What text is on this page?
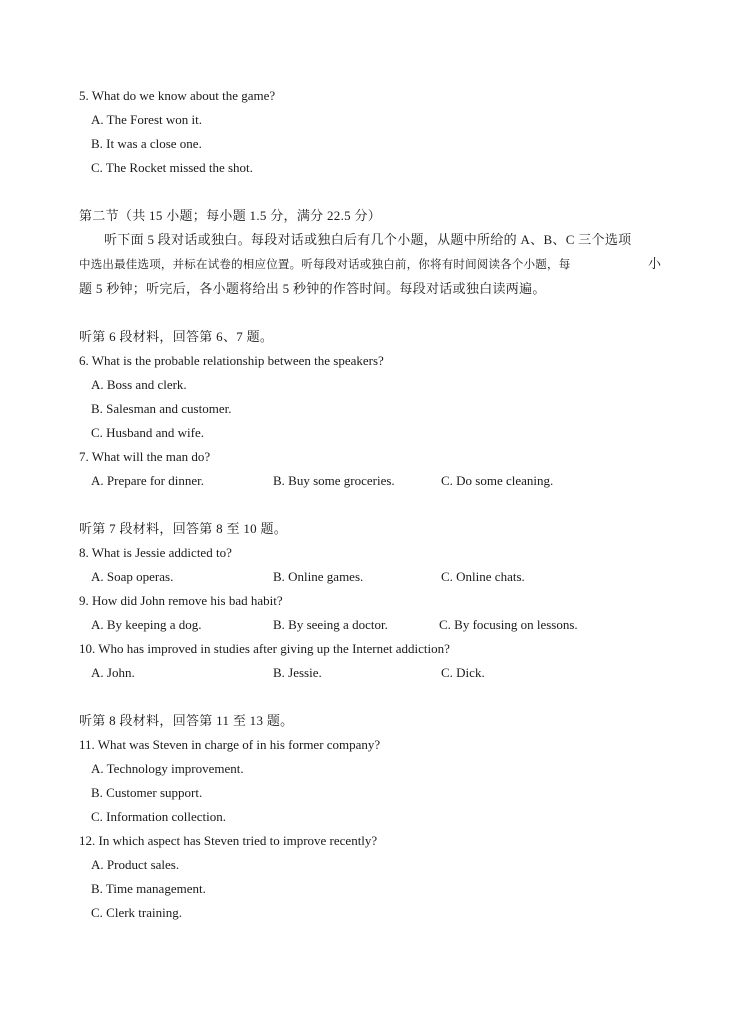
5. What do we know about the game?
A. The Forest won it.
B. It was a close one.
C. The Rocket missed the shot.
第二节（共 15 小题；每小题 1.5 分，满分 22.5 分）
听下面 5 段对话或独白。每段对话或独白后有几个小题，从题中所给的 A、B、C 三个选项
中选出最佳选项，并标在试卷的相应位置。听每段对话或独白前，你将有时间阅读各个小题，每	小
题 5 秒钟；听完后，各小题将给出 5 秒钟的作答时间。每段对话或独白读两遍。
听第 6 段材料，回答第 6、7 题。
6. What is the probable relationship between the speakers?
A. Boss and clerk.
B. Salesman and customer.
C. Husband and wife.
7. What will the man do?
A. Prepare for dinner.	B. Buy some groceries.	C. Do some cleaning.
听第 7 段材料，回答第 8 至 10 题。
8. What is Jessie addicted to?
A. Soap operas.	B. Online games.	C. Online chats.
9. How did John remove his bad habit?
A. By keeping a dog.	B. By seeing a doctor.	C. By focusing on lessons.
10. Who has improved in studies after giving up the Internet addiction?
A. John.	B. Jessie.	C. Dick.
听第 8 段材料，回答第 11 至 13 题。
11. What was Steven in charge of in his former company?
A. Technology improvement.
B. Customer support.
C. Information collection.
12. In which aspect has Steven tried to improve recently?
A. Product sales.
B. Time management.
C. Clerk training.
